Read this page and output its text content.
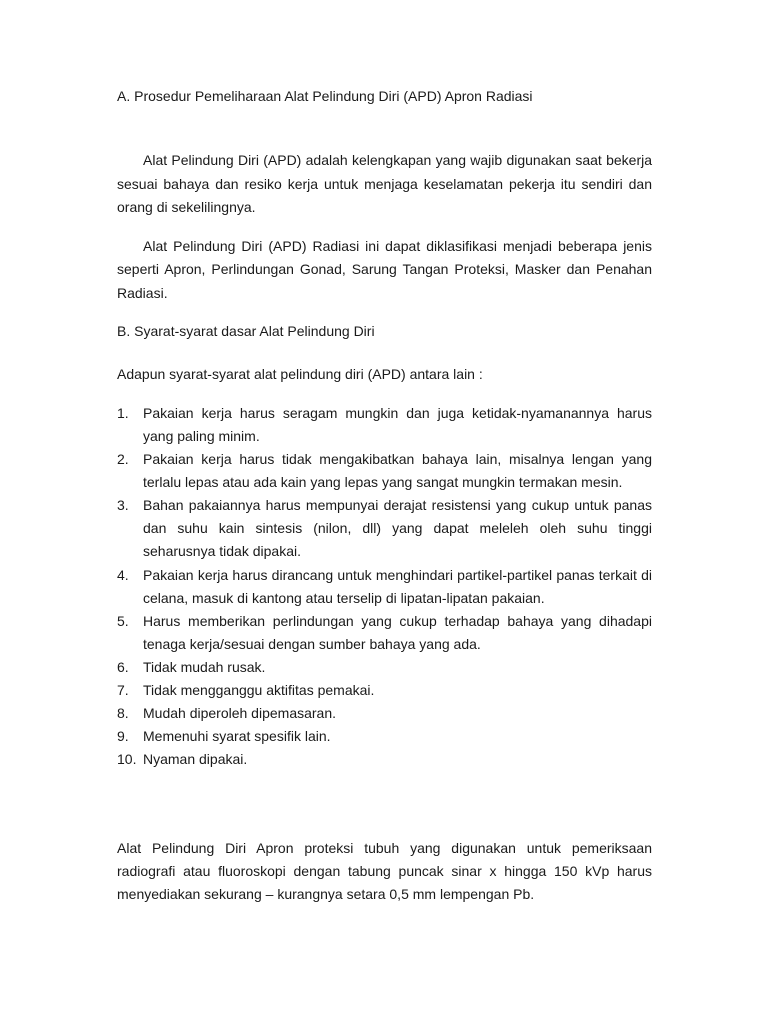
A. Prosedur Pemeliharaan Alat Pelindung Diri (APD) Apron Radiasi
Alat Pelindung Diri (APD) adalah kelengkapan yang wajib digunakan saat bekerja
sesuai bahaya dan resiko kerja untuk menjaga keselamatan pekerja itu sendiri dan
orang di sekelilingnya.
Alat Pelindung Diri (APD) Radiasi ini dapat diklasifikasi menjadi beberapa jenis
seperti Apron, Perlindungan Gonad, Sarung Tangan Proteksi, Masker dan Penahan
Radiasi.
B. Syarat-syarat dasar Alat Pelindung Diri
Adapun syarat-syarat alat pelindung diri (APD) antara lain :
1.	Pakaian kerja harus seragam mungkin dan juga ketidak-nyamanannya harus
yang paling minim.
2.	Pakaian kerja harus tidak mengakibatkan bahaya lain, misalnya lengan yang
terlalu lepas atau ada kain yang lepas yang sangat mungkin termakan mesin.
3.	Bahan pakaiannya harus mempunyai derajat resistensi yang cukup untuk panas
dan suhu kain sintesis (nilon, dll) yang dapat meleleh oleh suhu tinggi
seharusnya tidak dipakai.
4.	Pakaian kerja harus dirancang untuk menghindari partikel-partikel panas terkait di
celana, masuk di kantong atau terselip di lipatan-lipatan pakaian.
5.	Harus memberikan perlindungan yang cukup terhadap bahaya yang dihadapi
tenaga kerja/sesuai dengan sumber bahaya yang ada.
6.	Tidak mudah rusak.
7.	Tidak mengganggu aktifitas pemakai.
8.	Mudah diperoleh dipemasaran.
9.	Memenuhi syarat spesifik lain.
10. Nyaman dipakai.
Alat Pelindung Diri Apron proteksi tubuh yang digunakan untuk pemeriksaan
radiografi atau fluoroskopi dengan tabung puncak sinar x hingga 150 kVp harus
menyediakan sekurang – kurangnya setara 0,5 mm lempengan Pb.
